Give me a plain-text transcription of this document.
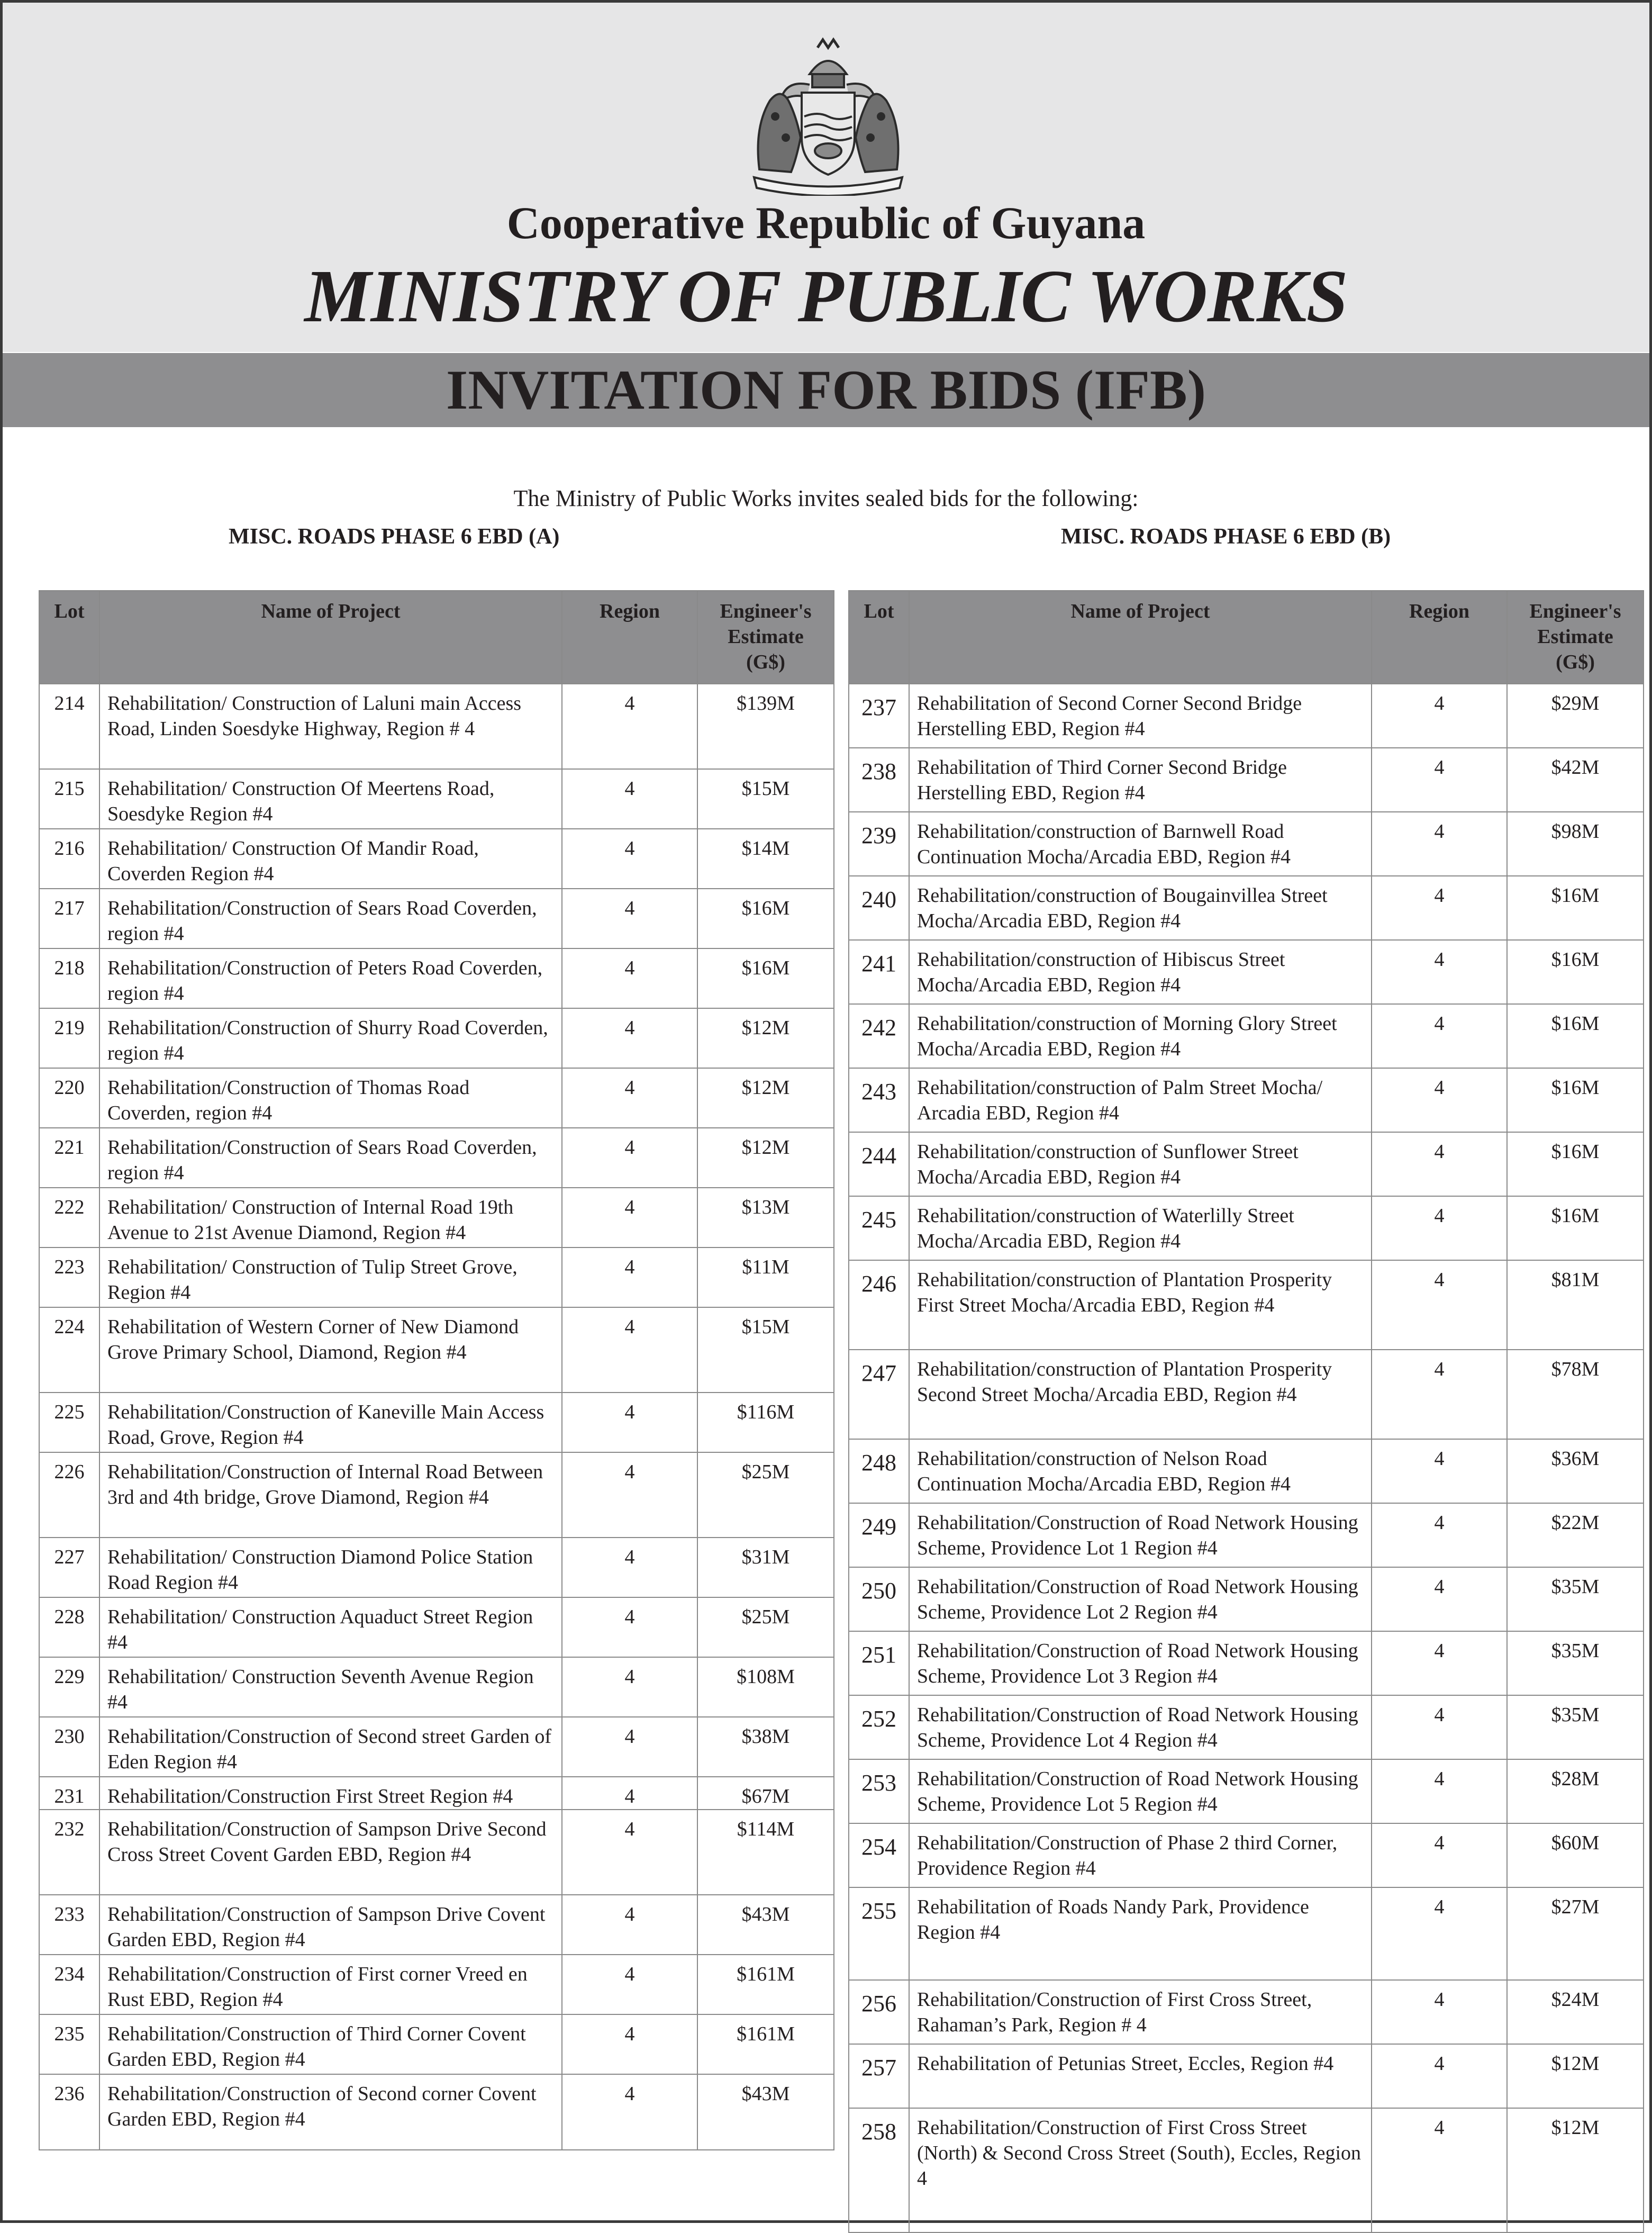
Cooperative Republic of Guyana
MINISTRY OF PUBLIC WORKS
INVITATION FOR BIDS (IFB)
The Ministry of Public Works invites sealed bids for the following:
MISC. ROADS PHASE 6 EBD (A)	MISC. ROADS PHASE 6 EBD (B)
Lot	Name of Project	Region	Engineer's
Estimate
(G$)
214	Rehabilitation/ Construction of Laluni main Access Road, Linden Soesdyke Highway, Region # 4	4	$139M
215	Rehabilitation/ Construction Of Meertens Road, Soesdyke Region #4	4	$15M
216	Rehabilitation/ Construction Of Mandir Road, Coverden Region #4	4	$14M
217	Rehabilitation/Construction of Sears Road Coverden, region #4	4	$16M
218	Rehabilitation/Construction of Peters Road Coverden, region #4	4	$16M
219	Rehabilitation/Construction of Shurry Road Coverden, region #4	4	$12M
220	Rehabilitation/Construction of Thomas Road Coverden, region #4	4	$12M
221	Rehabilitation/Construction of Sears Road Coverden, region #4	4	$12M
222	Rehabilitation/ Construction of Internal Road 19th Avenue to 21st Avenue Diamond, Region #4	4	$13M
223	Rehabilitation/ Construction of Tulip Street Grove, Region #4	4	$11M
224	Rehabilitation of Western Corner of New Diamond Grove Primary School, Diamond, Region #4	4	$15M
225	Rehabilitation/Construction of Kaneville Main Access Road, Grove, Region #4	4	$116M
226	Rehabilitation/Construction of Internal Road Between 3rd and 4th bridge, Grove Diamond, Region #4	4	$25M
227	Rehabilitation/ Construction Diamond Police Station Road Region #4	4	$31M
228	Rehabilitation/ Construction Aquaduct Street Region #4	4	$25M
229	Rehabilitation/ Construction Seventh Avenue Region #4	4	$108M
230	Rehabilitation/Construction of Second street Garden of Eden Region #4	4	$38M
231	Rehabilitation/Construction First Street Region #4	4	$67M
232	Rehabilitation/Construction of Sampson Drive Second Cross Street Covent Garden EBD, Region #4	4	$114M
233	Rehabilitation/Construction of Sampson Drive Covent Garden EBD, Region #4	4	$43M
234	Rehabilitation/Construction of First corner Vreed en Rust EBD, Region #4	4	$161M
235	Rehabilitation/Construction of Third Corner Covent Garden EBD, Region #4	4	$161M
236	Rehabilitation/Construction of Second corner Covent Garden EBD, Region #4	4	$43M
Lot	Name of Project	Region	Engineer's
Estimate
(G$)
237	Rehabilitation of Second Corner Second Bridge Herstelling EBD, Region #4	4	$29M
238	Rehabilitation of Third Corner Second Bridge Herstelling EBD, Region #4	4	$42M
239	Rehabilitation/construction of Barnwell Road Continuation Mocha/Arcadia EBD, Region #4	4	$98M
240	Rehabilitation/construction of Bougainvillea Street Mocha/Arcadia EBD, Region #4	4	$16M
241	Rehabilitation/construction of Hibiscus Street Mocha/Arcadia EBD, Region #4	4	$16M
242	Rehabilitation/construction of Morning Glory Street Mocha/Arcadia EBD, Region #4	4	$16M
243	Rehabilitation/construction of Palm Street Mocha/ Arcadia EBD, Region #4	4	$16M
244	Rehabilitation/construction of Sunflower Street Mocha/Arcadia EBD, Region #4	4	$16M
245	Rehabilitation/construction of Waterlilly Street Mocha/Arcadia EBD, Region #4	4	$16M
246	Rehabilitation/construction of Plantation Prosperity First Street Mocha/Arcadia EBD, Region #4	4	$81M
247	Rehabilitation/construction of Plantation Prosperity Second Street Mocha/Arcadia EBD, Region #4	4	$78M
248	Rehabilitation/construction of Nelson Road Continuation Mocha/Arcadia EBD, Region #4	4	$36M
249	Rehabilitation/Construction of Road Network Housing Scheme, Providence Lot 1 Region #4	4	$22M
250	Rehabilitation/Construction of Road Network Housing Scheme, Providence Lot 2 Region #4	4	$35M
251	Rehabilitation/Construction of Road Network Housing Scheme, Providence Lot 3 Region #4	4	$35M
252	Rehabilitation/Construction of Road Network Housing Scheme, Providence Lot 4 Region #4	4	$35M
253	Rehabilitation/Construction of Road Network Housing Scheme, Providence Lot 5 Region #4	4	$28M
254	Rehabilitation/Construction of Phase 2 third Corner, Providence Region #4	4	$60M
255	Rehabilitation of Roads Nandy Park, Providence Region #4	4	$27M
256	Rehabilitation/Construction of First Cross Street, Rahaman’s Park, Region # 4	4	$24M
257	Rehabilitation of Petunias Street, Eccles, Region #4	4	$12M
258	Rehabilitation/Construction of First Cross Street (North) & Second Cross Street (South), Eccles, Region 4	4	$12M
